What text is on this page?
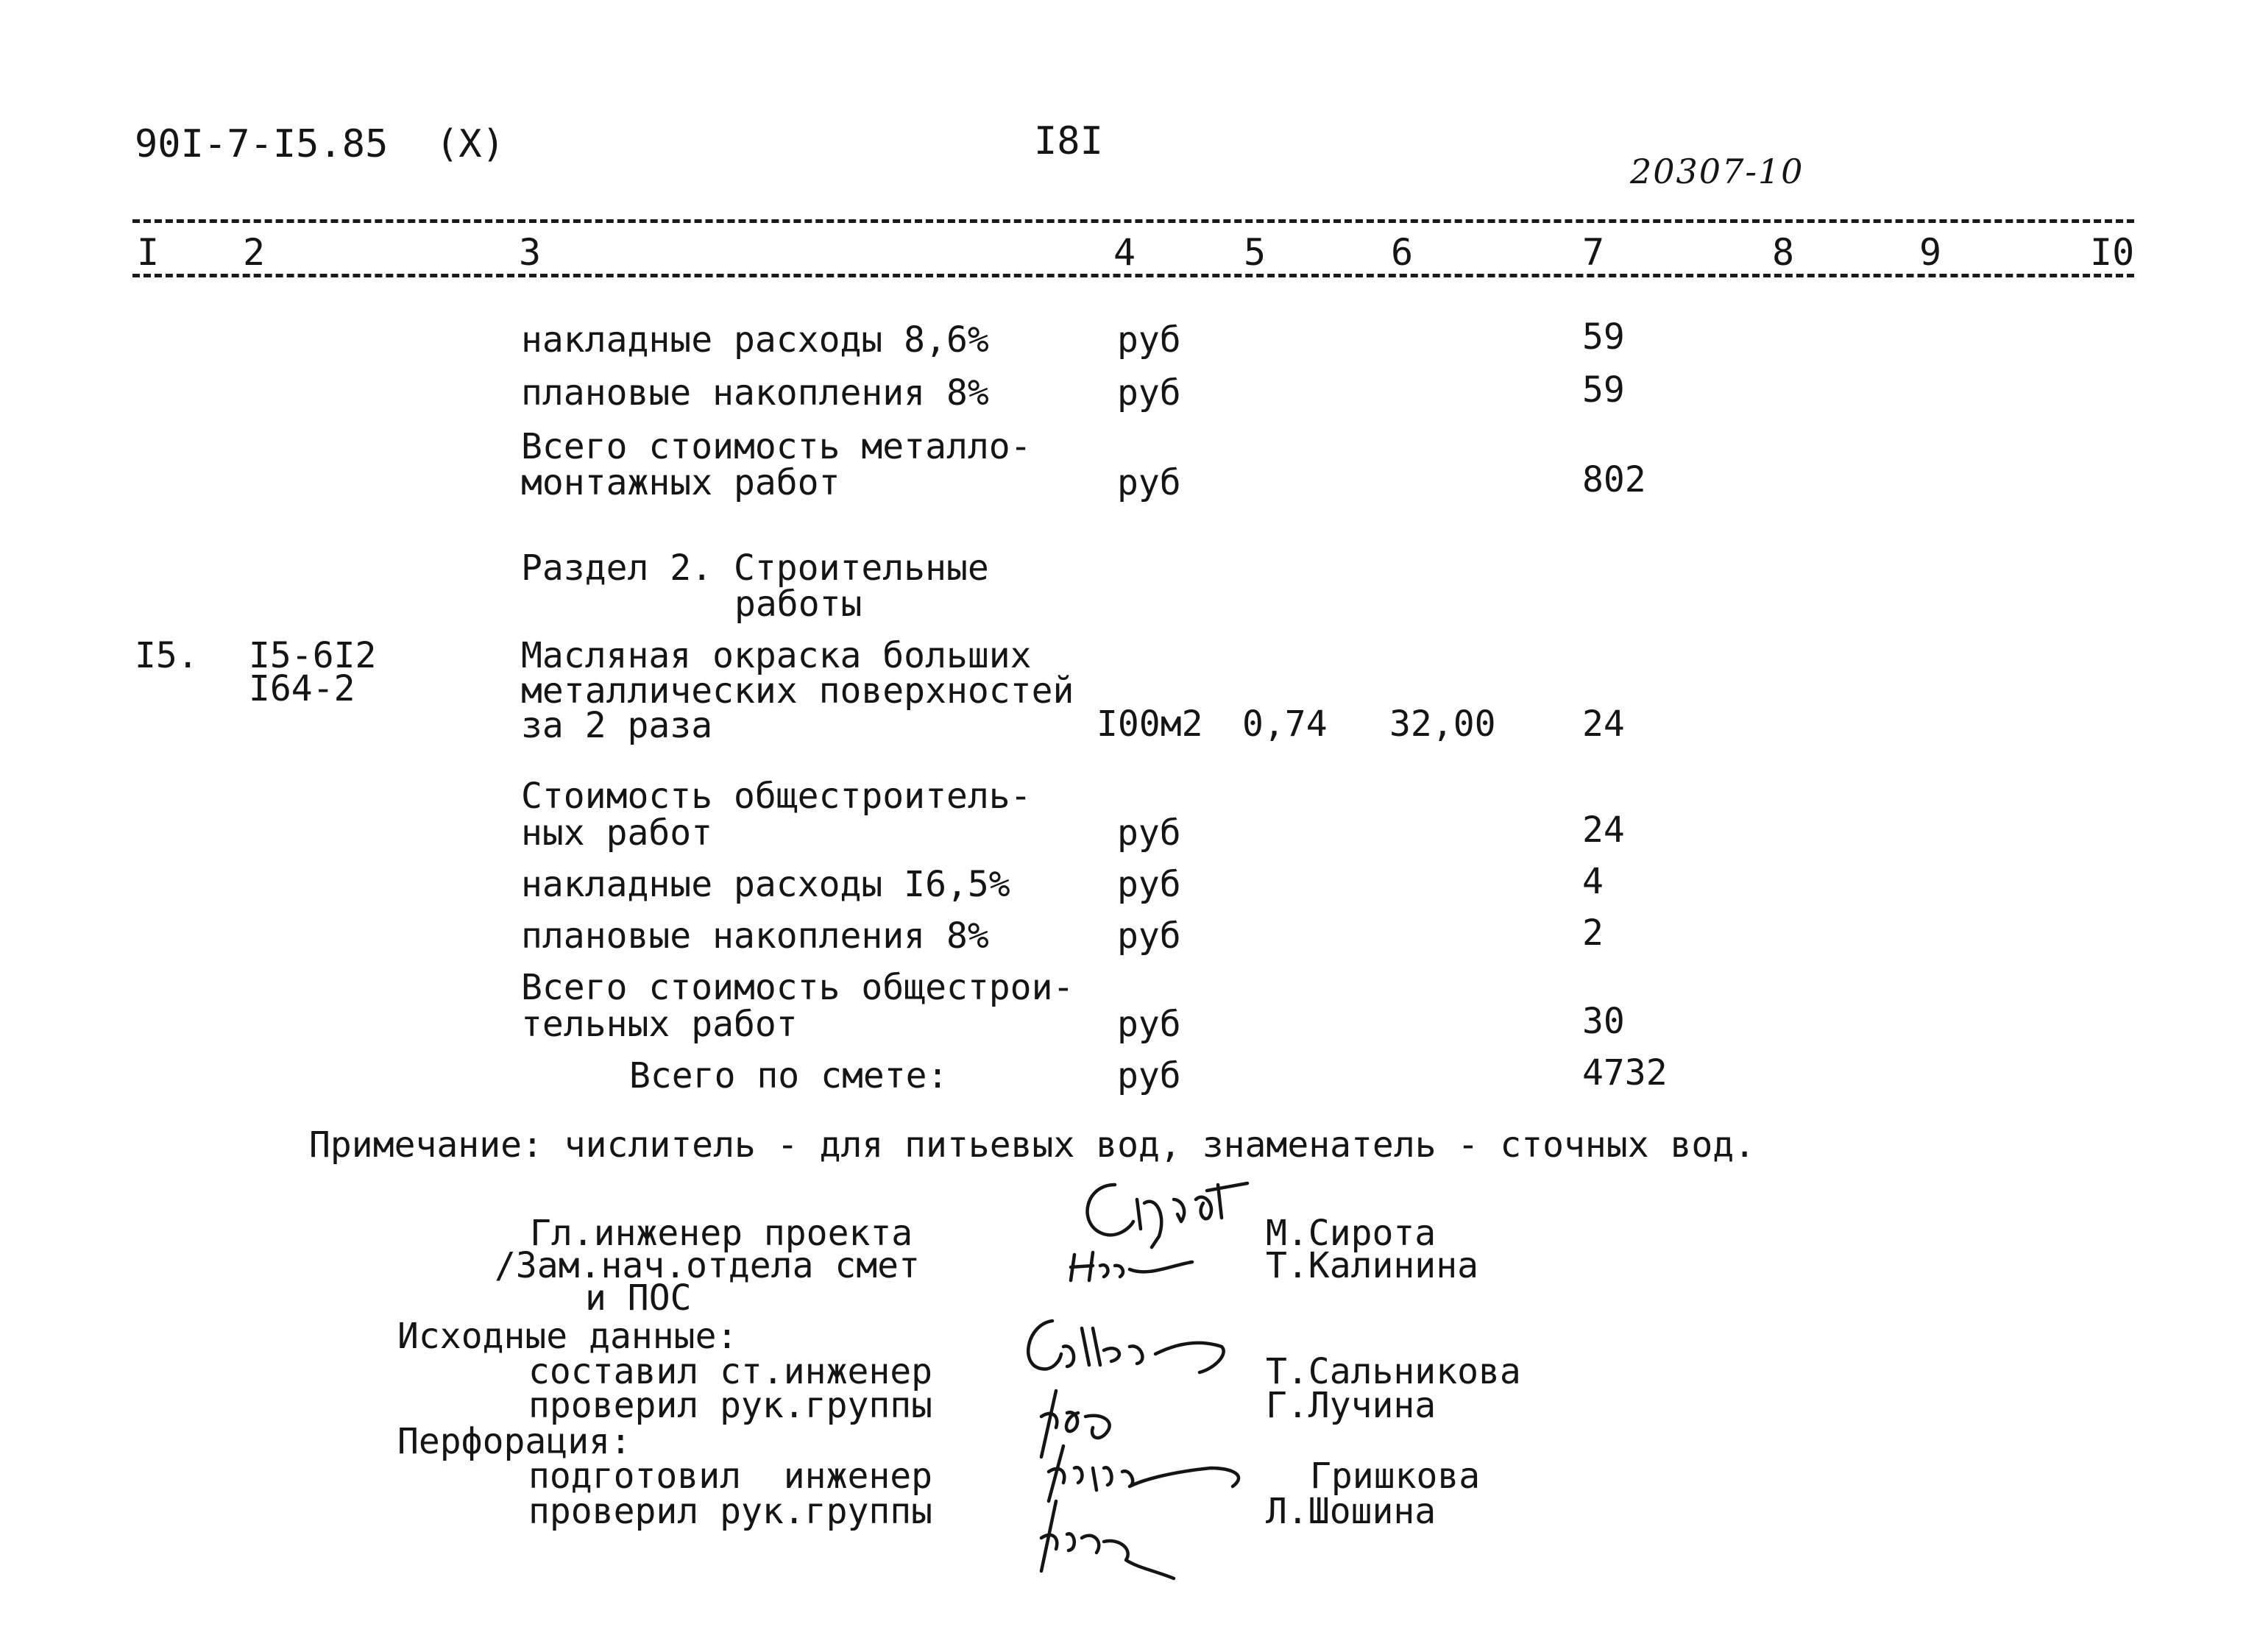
90I-7-I5.85 (X)	I8I
20307-10
I 2	3	4	5	6	7	8	9	I0
накладные расходы 8,6%	руб	59
плановые накопления 8%	руб	59
Всего стоимость металло-
монтажных работ	руб	802
Раздел 2. Строительные
работы
I5. I5-6I2
I64-2
Масляная окраска больших
металлических поверхностей
за 2 раза	I00м2 0,74 32,00 24
Стоимость общестроитель-
ных работ	руб	24
накладные расходы I6,5%	руб	4
плановые накопления 8%	руб	2
Всего стоимость общестрои-
тельных работ	руб	30
Всего по смете:	руб	4732
Примечание: числитель - для питьевых вод, знаменатель - сточных вод.
Гл.инженер проекта
/Зам.нач.отдела смет
и ПОС
Исходные данные:
составил ст.инженер
проверил рук.группы
Перфорация:
подготовил  инженер
проверил рук.группы
М.Сирота
Т.Калинина
Т.Сальникова
Г.Лучина
Гришкова
Л.Шошина
